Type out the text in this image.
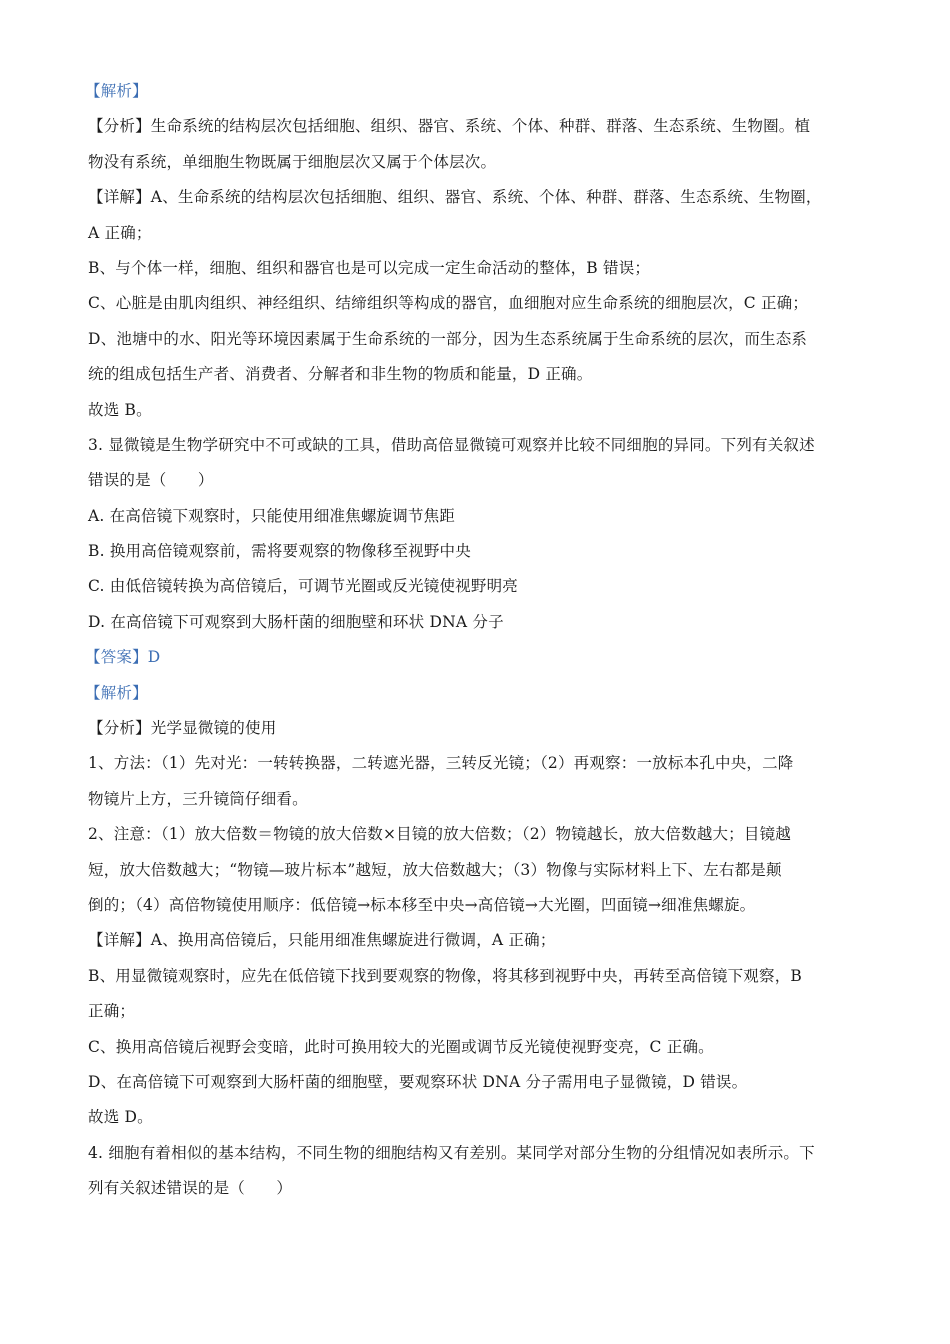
【解析】
【分析】生命系统的结构层次包括细胞、组织、器官、系统、个体、种群、群落、生态系统、生物圈。植
物没有系统，单细胞生物既属于细胞层次又属于个体层次。
【详解】A、生命系统的结构层次包括细胞、组织、器官、系统、个体、种群、群落、生态系统、生物圈，
A 正确；
B、与个体一样，细胞、组织和器官也是可以完成一定生命活动的整体，B 错误；
C、心脏是由肌肉组织、神经组织、结缔组织等构成的器官，血细胞对应生命系统的细胞层次，C 正确；
D、池塘中的水、阳光等环境因素属于生命系统的一部分，因为生态系统属于生命系统的层次，而生态系
统的组成包括生产者、消费者、分解者和非生物的物质和能量，D 正确。
故选 B。
3. 显微镜是生物学研究中不可或缺的工具，借助高倍显微镜可观察并比较不同细胞的异同。下列有关叙述
错误的是（　　）
A. 在高倍镜下观察时，只能使用细准焦螺旋调节焦距
B. 换用高倍镜观察前，需将要观察的物像移至视野中央
C. 由低倍镜转换为高倍镜后，可调节光圈或反光镜使视野明亮
D. 在高倍镜下可观察到大肠杆菌的细胞壁和环状 DNA 分子
【答案】D
【解析】
【分析】光学显微镜的使用
1、方法：（1）先对光：一转转换器，二转遮光器，三转反光镜；（2）再观察：一放标本孔中央，二降
物镜片上方，三升镜筒仔细看。
2、注意：（1）放大倍数＝物镜的放大倍数×目镜的放大倍数；（2）物镜越长，放大倍数越大；目镜越
短，放大倍数越大；“物镜—玻片标本”越短，放大倍数越大；（3）物像与实际材料上下、左右都是颠
倒的；（4）高倍物镜使用顺序：低倍镜→标本移至中央→高倍镜→大光圈，凹面镜→细准焦螺旋。
【详解】A、换用高倍镜后，只能用细准焦螺旋进行微调，A 正确；
B、用显微镜观察时，应先在低倍镜下找到要观察的物像，将其移到视野中央，再转至高倍镜下观察，B
正确；
C、换用高倍镜后视野会变暗，此时可换用较大的光圈或调节反光镜使视野变亮，C 正确。
D、在高倍镜下可观察到大肠杆菌的细胞壁，要观察环状 DNA 分子需用电子显微镜，D 错误。
故选 D。
4. 细胞有着相似的基本结构，不同生物的细胞结构又有差别。某同学对部分生物的分组情况如表所示。下
列有关叙述错误的是（　　）
